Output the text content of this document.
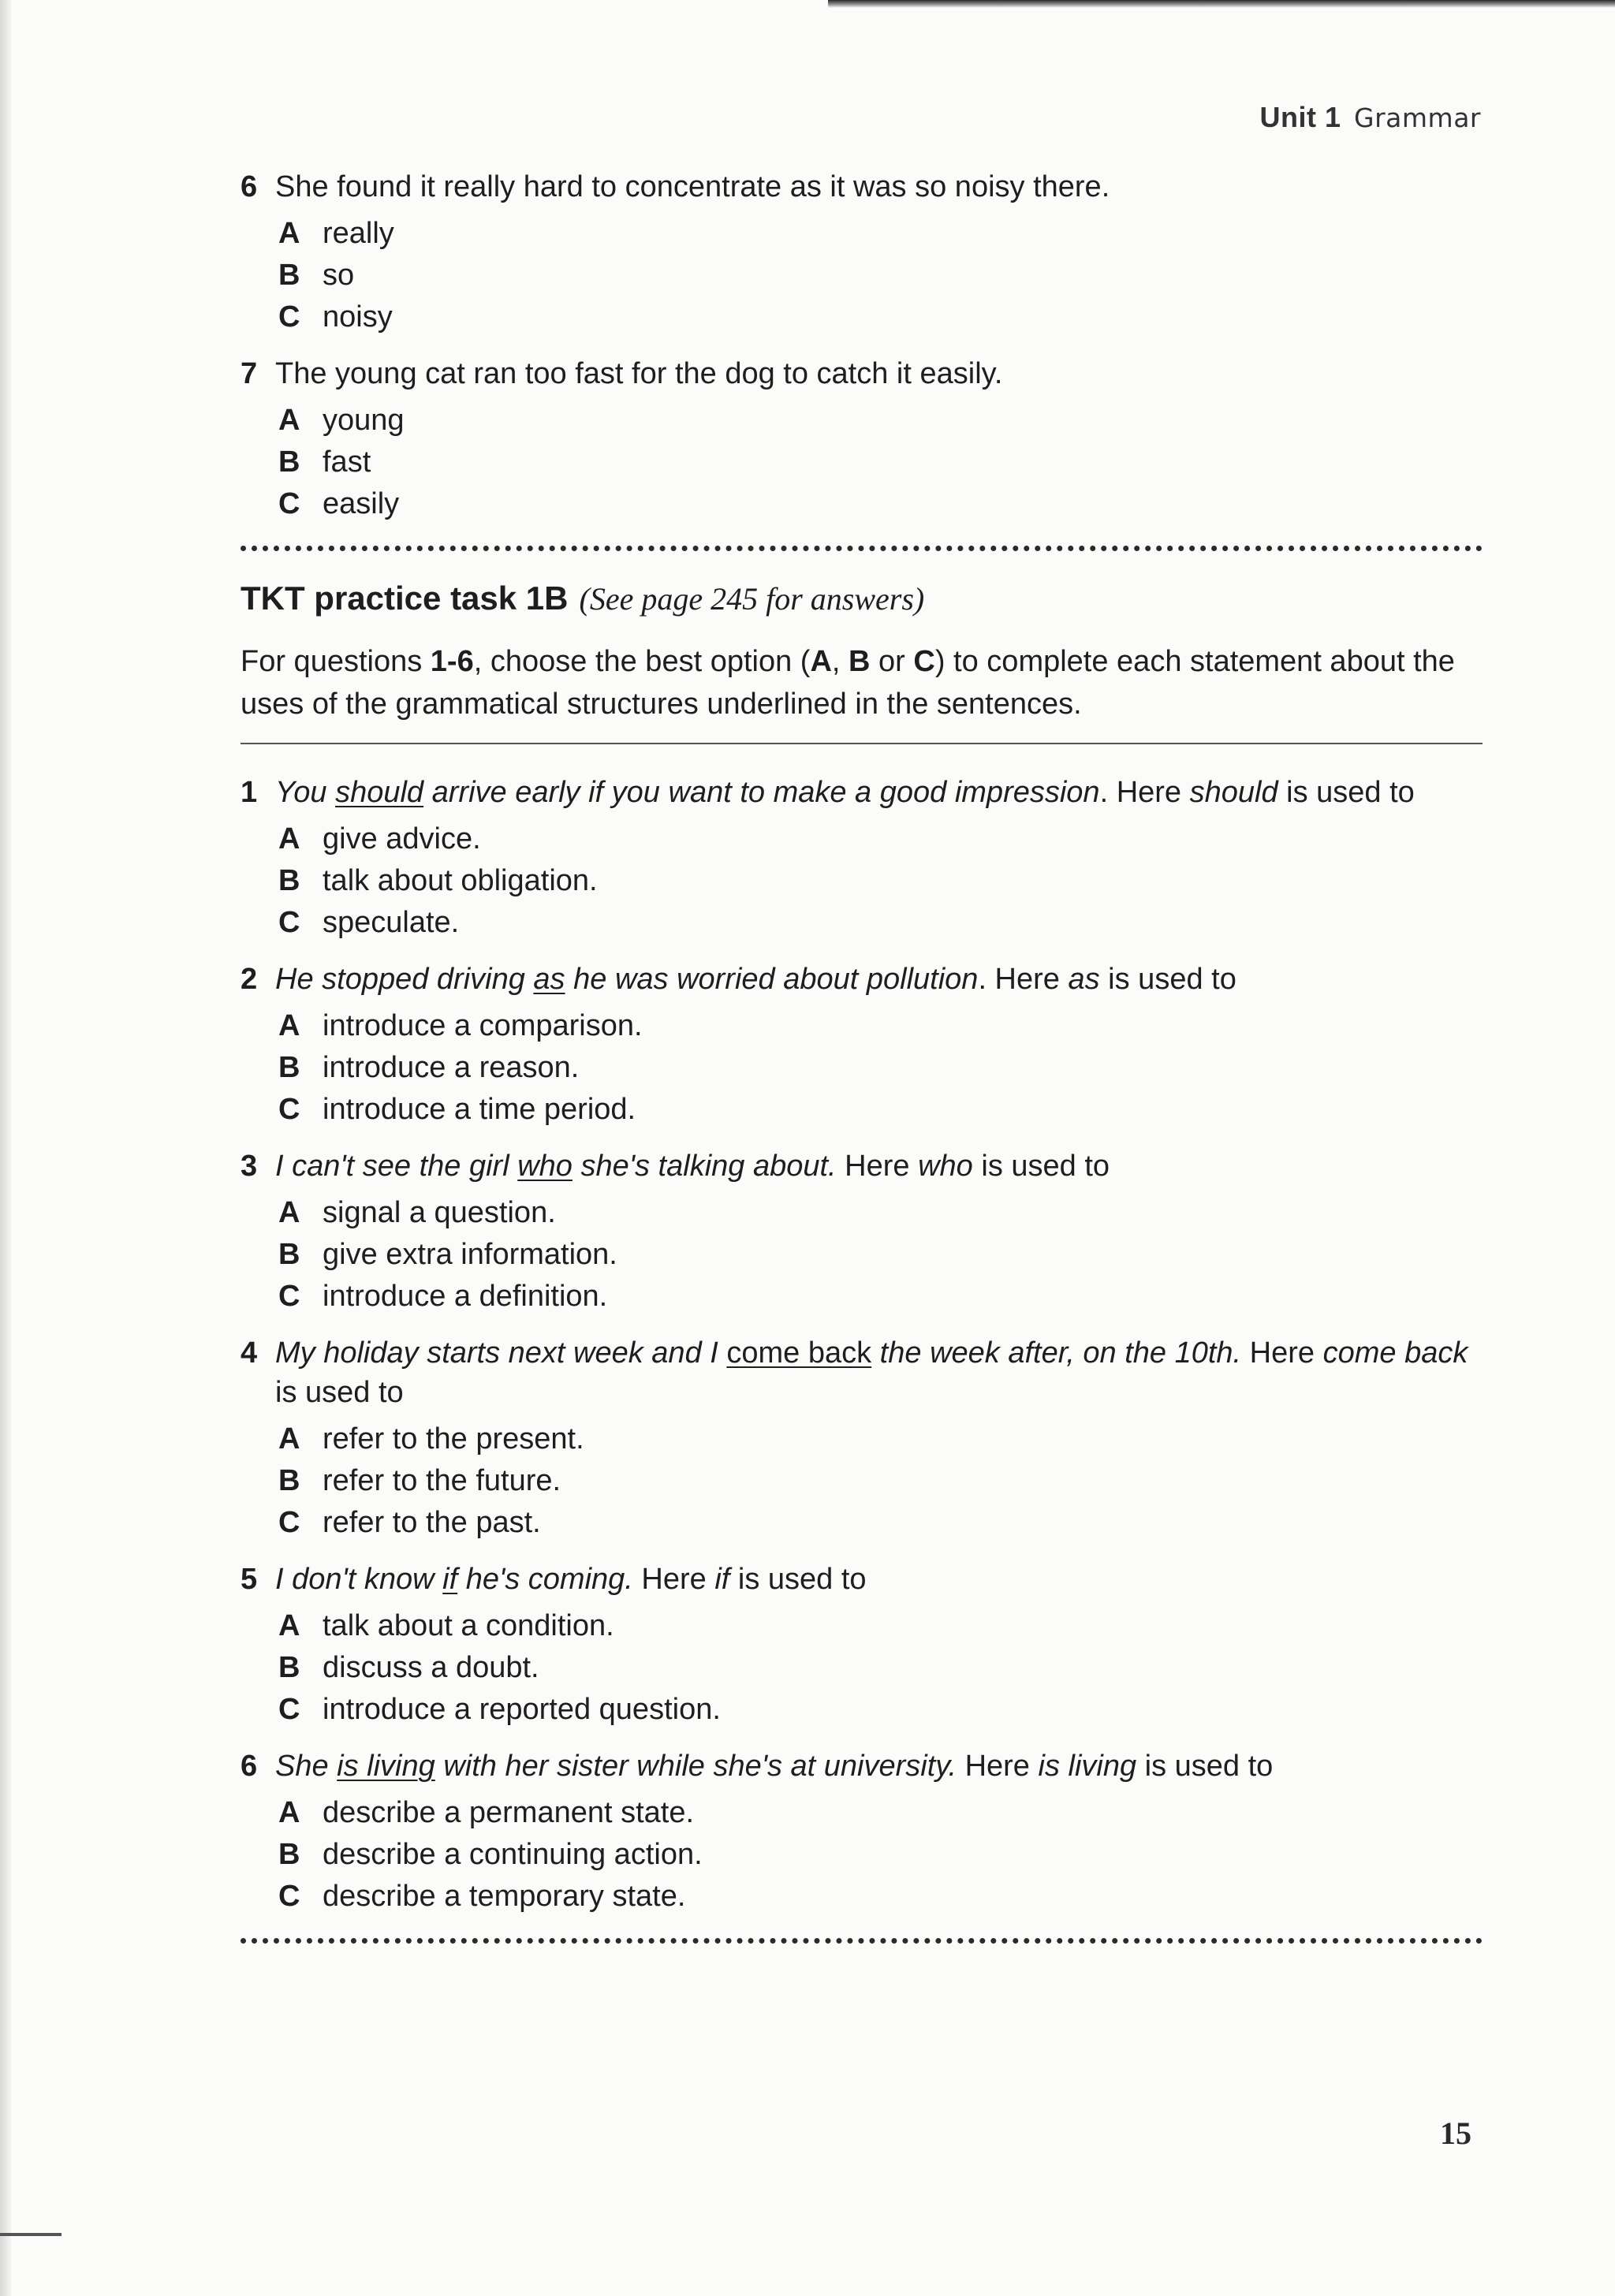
Unit 1 Grammar
6 She found it really hard to concentrate as it was so noisy there.
A really
B so
C noisy
7 The young cat ran too fast for the dog to catch it easily.
A young
B fast
C easily
TKT practice task 1B (See page 245 for answers)
For questions 1-6, choose the best option (A, B or C) to complete each statement about the uses of the grammatical structures underlined in the sentences.
1 You should arrive early if you want to make a good impression. Here should is used to
A give advice.
B talk about obligation.
C speculate.
2 He stopped driving as he was worried about pollution. Here as is used to
A introduce a comparison.
B introduce a reason.
C introduce a time period.
3 I can't see the girl who she's talking about. Here who is used to
A signal a question.
B give extra information.
C introduce a definition.
4 My holiday starts next week and I come back the week after, on the 10th. Here come back is used to
A refer to the present.
B refer to the future.
C refer to the past.
5 I don't know if he's coming. Here if is used to
A talk about a condition.
B discuss a doubt.
C introduce a reported question.
6 She is living with her sister while she's at university. Here is living is used to
A describe a permanent state.
B describe a continuing action.
C describe a temporary state.
15
